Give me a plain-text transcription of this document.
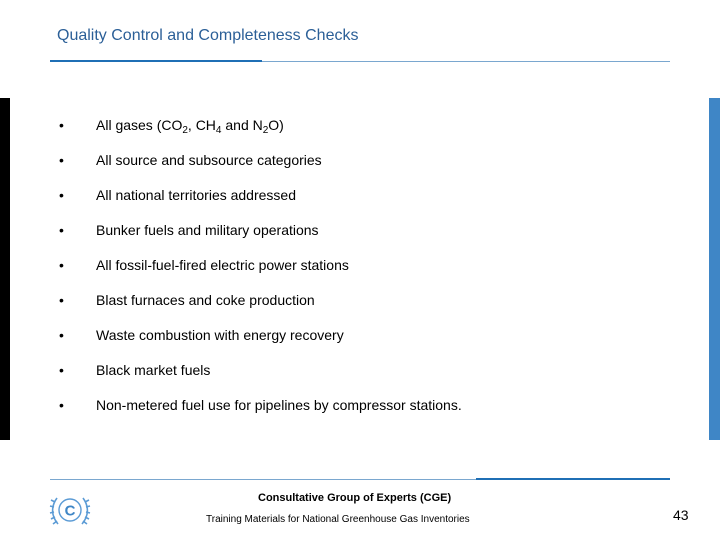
Quality Control and Completeness Checks
• All gases ($CO_2$, $CH_4$ and $N_2O$)
• All source and subsource categories
• All national territories addressed
• Bunker fuels and military operations
• All fossil-fuel-fired electric power stations
• Blast furnaces and coke production
• Waste combustion with energy recovery
• Black market fuels
• Non-metered fuel use for pipelines by compressor stations.
C
Consultative Group of Experts (CGE)
Training Materials for National Greenhouse Gas Inventories	43
